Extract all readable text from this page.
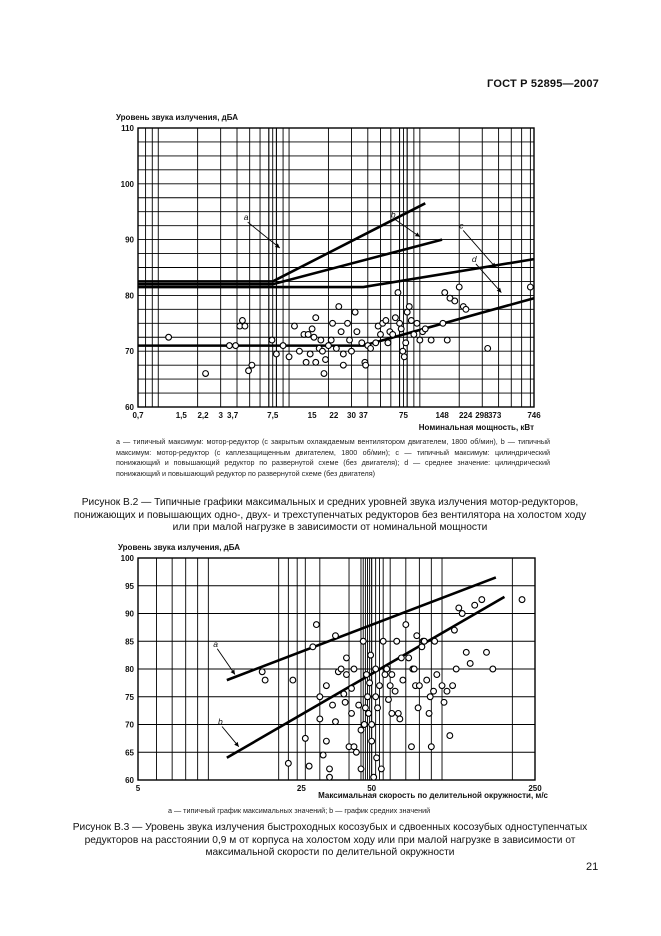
ГОСТ Р 52895—2007
60
70
80
90
100
110
0,7	1,5 2,2 3 3,7	7,5	15 22 30 37	75	148 224 298 373	746
Уровень звука излучения, дБА
Номинальная мощность, кВт
a	b
c
d
а — типичный максимум: мотор-редуктор (с закрытым охлаждаемым вентилятором двигателем, 1800 об/мин), b — типичный максимум: мотор-редуктор (с каплезащищенным двигателем, 1800 об/мин); с — типичный максимум: цилиндрический понижающий и повышающий редуктор по развернутой схеме (без двигателя); d — среднее значение: цилиндрический понижающий и повышающий редуктор по развернутой схеме (без двигателя)
Рисунок В.2 — Типичные графики максимальных и средних уровней звука излучения мотор-редукторов, понижающих и повышающих одно-, двух- и трехступенчатых редукторов без вентилятора на холостом ходу или при малой нагрузке в зависимости от номинальной мощности
60
65
70
75
80
85
90
95
100
5	25	50	250
Уровень звука излучения, дБА
Максимальная скорость по делительной окружности, м/с
a
b
а — типичный график максимальных значений; b — график средних значений
Рисунок В.3 — Уровень звука излучения быстроходных косозубых и сдвоенных косозубых одноступенчатых редукторов на расстоянии 0,9 м от корпуса на холостом ходу или при малой нагрузке в зависимости от максимальной скорости по делительной окружности
21
